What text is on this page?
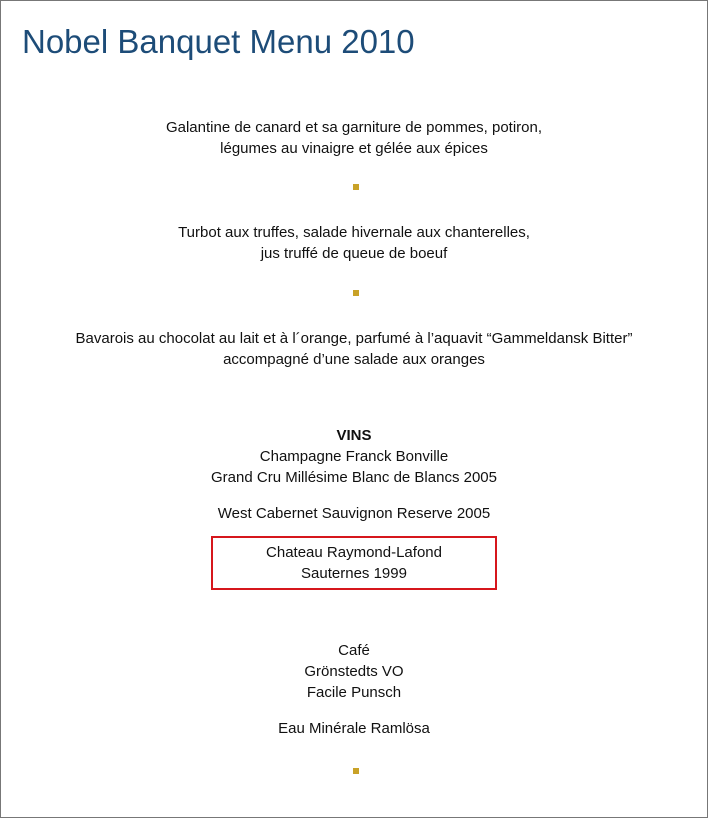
Nobel Banquet Menu 2010
Galantine de canard et sa garniture de pommes, potiron,
légumes au vinaigre et gélée aux épices
Turbot aux truffes, salade hivernale aux chanterelles,
jus truffé de queue de boeuf
Bavarois au chocolat au lait et à l´orange, parfumé à l’aquavit “Gammeldansk Bitter”
accompagné d’une salade aux oranges
VINS
Champagne Franck Bonville
Grand Cru Millésime Blanc de Blancs 2005
West Cabernet Sauvignon Reserve 2005
Chateau Raymond-Lafond
Sauternes 1999
Café
Grönstedts VO
Facile Punsch
Eau Minérale Ramlösa
